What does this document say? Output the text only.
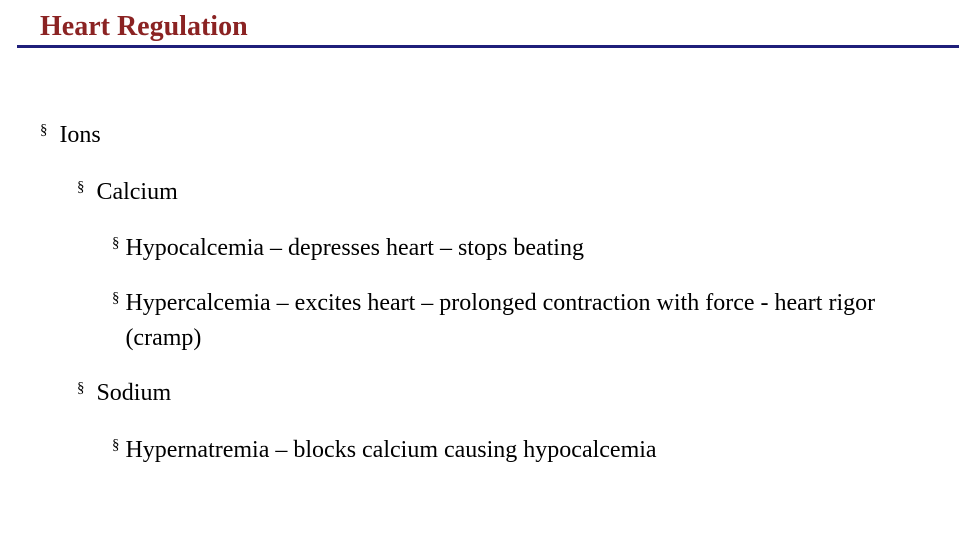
Heart Regulation
§ Ions
§ Calcium
§ Hypocalcemia – depresses heart – stops beating
§ Hypercalcemia – excites heart – prolonged contraction with force - heart rigor (cramp)
§ Sodium
§ Hypernatremia – blocks calcium causing hypocalcemia
